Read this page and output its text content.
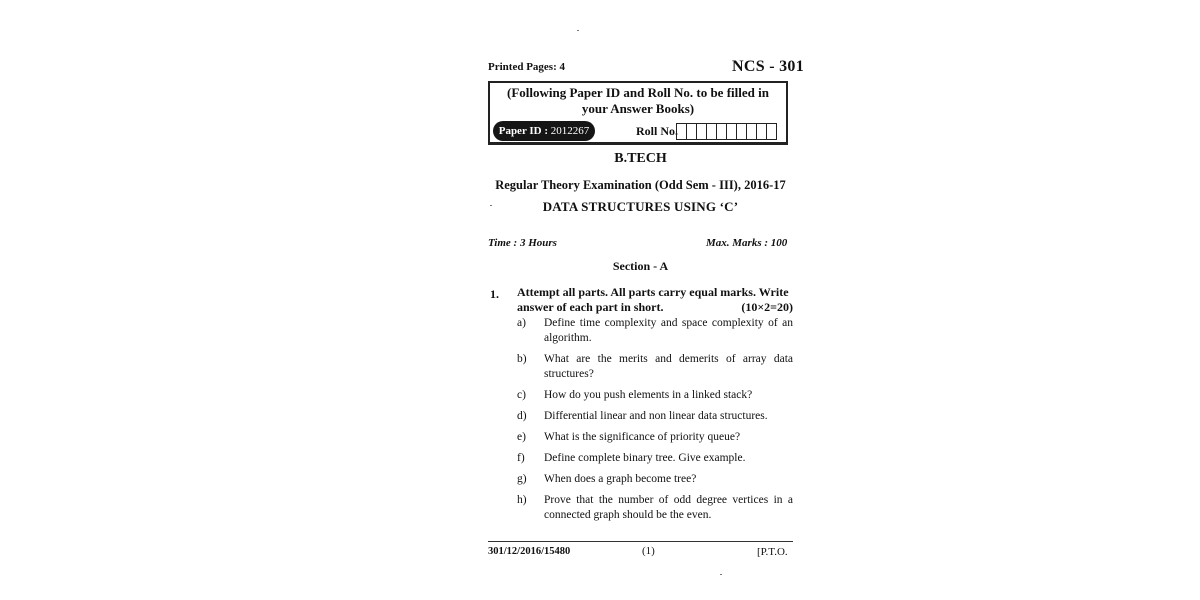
Printed Pages: 4	NCS - 301
(Following Paper ID and Roll No. to be filled in your Answer Books)
Paper ID : 2012267	Roll No.
B.TECH
Regular Theory Examination (Odd Sem - III), 2016-17
DATA STRUCTURES USING ‘C’
Time : 3 Hours	Max. Marks : 100
Section - A
1. Attempt all parts. All parts carry equal marks. Write
answer of each part in short.	(10×2=20)
a)	Define time complexity and space complexity of an algorithm.
b)	What are the merits and demerits of array data structures?
c)	How do you push elements in a linked stack?
d)	Differential linear and non linear data structures.
e)	What is the significance of priority queue?
f)	Define complete binary tree. Give example.
g)	When does a graph become tree?
h)	Prove that the number of odd degree vertices in a connected graph should be the even.
301/12/2016/15480	(1)	[P.T.O.
